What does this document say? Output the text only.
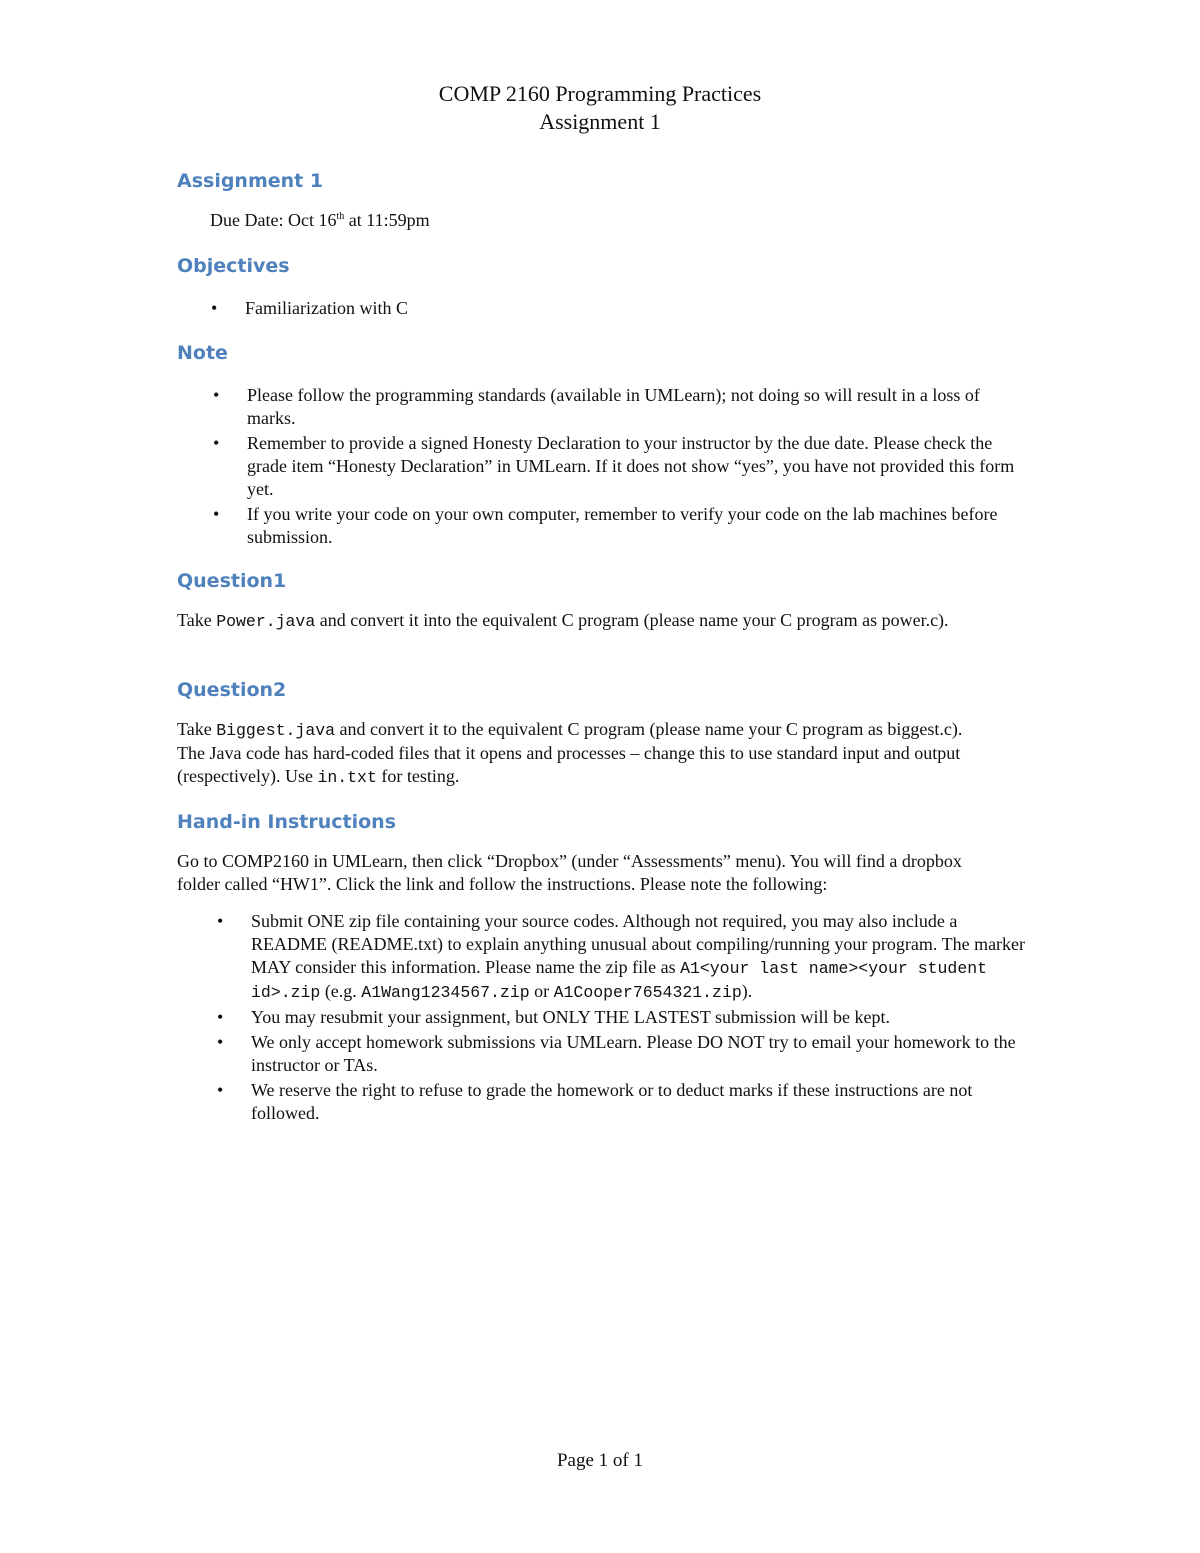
COMP 2160 Programming Practices
Assignment 1
Assignment 1

Due Date: Oct 16th at 11:59pm

Objectives
• Familiarization with C
Note
• Please follow the programming standards (available in UMLearn); not doing so will result in a loss of marks.
• Remember to provide a signed Honesty Declaration to your instructor by the due date. Please check the grade item “Honesty Declaration” in UMLearn. If it does not show “yes”, you have not provided this form yet.
• If you write your code on your own computer, remember to verify your code on the lab machines before submission.
Question1

Take Power.java and convert it into the equivalent C program (please name your C program as power.c).

Question2

Take Biggest.java and convert it to the equivalent C program (please name your C program as biggest.c). The Java code has hard-coded files that it opens and processes – change this to use standard input and output (respectively). Use in.txt for testing.

Hand-in Instructions

Go to COMP2160 in UMLearn, then click “Dropbox” (under “Assessments” menu). You will find a dropbox folder called “HW1”. Click the link and follow the instructions. Please note the following:

• Submit ONE zip file containing your source codes. Although not required, you may also include a README (README.txt) to explain anything unusual about compiling/running your program. The marker MAY consider this information. Please name the zip file as A1<your last name><your student id>.zip (e.g. A1Wang1234567.zip or A1Cooper7654321.zip).
• You may resubmit your assignment, but ONLY THE LASTEST submission will be kept.
• We only accept homework submissions via UMLearn. Please DO NOT try to email your homework to the instructor or TAs.
• We reserve the right to refuse to grade the homework or to deduct marks if these instructions are not followed.
Page 1 of 1
